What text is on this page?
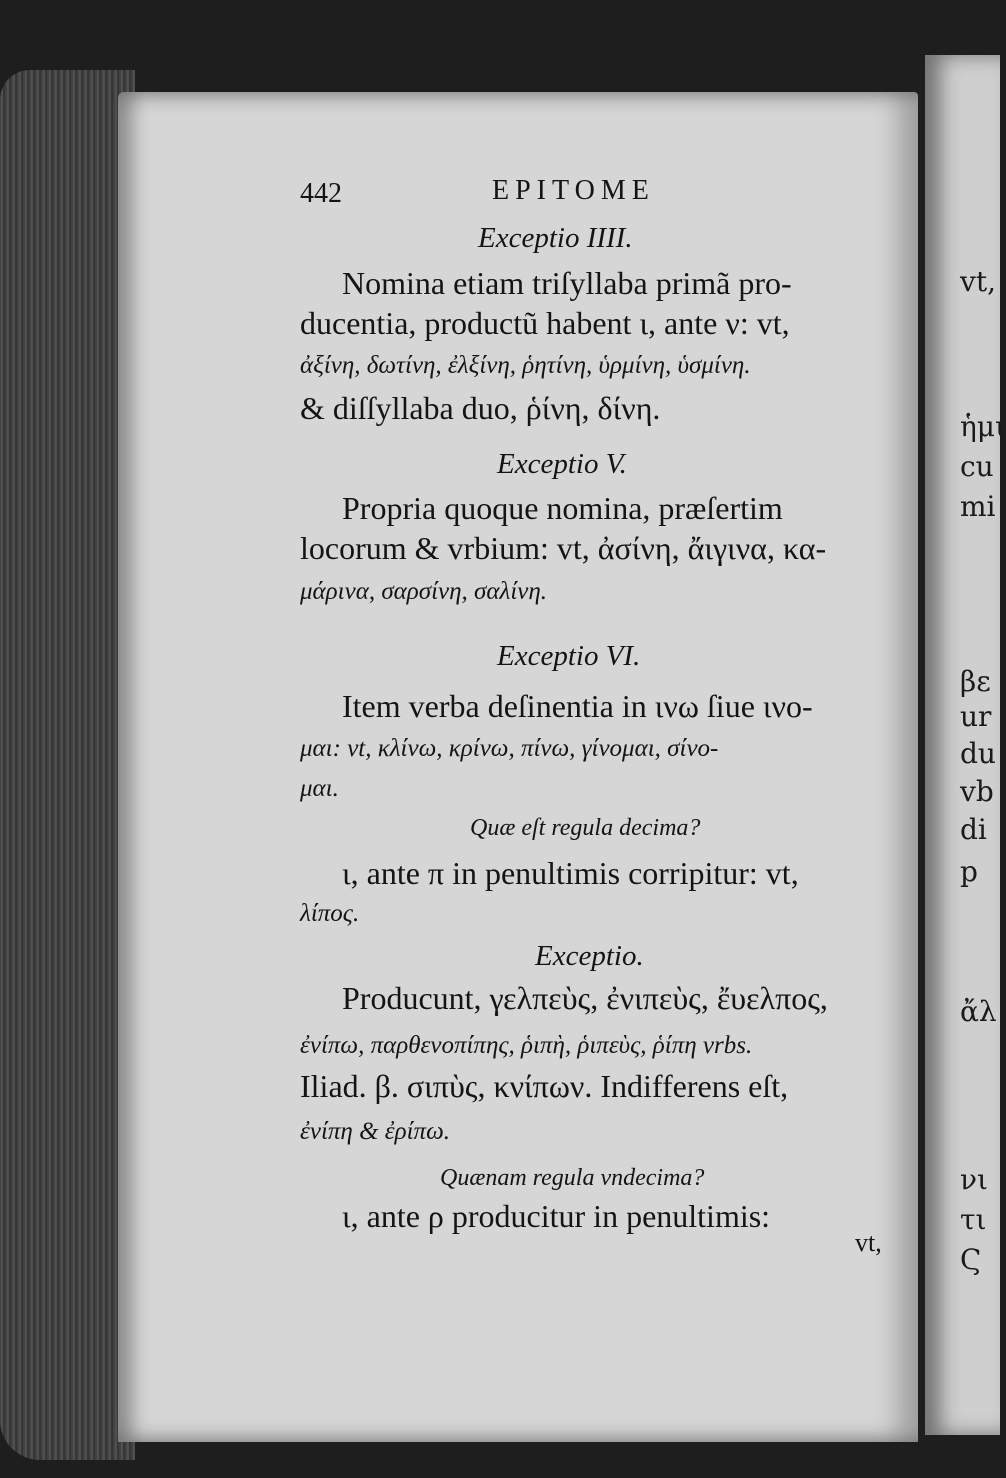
vt,
ἡμι
cu
mi
βε
ur
du
vb
di
p
ἄλ
νι
τι
Ϛ
442	EPITOME
Exceptio IIII.
Nomina etiam triſyllaba primã pro-
ducentia, productũ habent ι, ante ν: vt,
ἀξίνη, δωτίνη, ἐλξίνη, ῥητίνη, ὑρμίνη, ὑσμίνη.
& diſſyllaba duo, ῥίνη, δίνη.
Exceptio V.
Propria quoque nomina, præſertim
locorum & vrbium: vt, ἀσίνη, ἄιγινα, κα-
μάρινα, σαρσίνη, σαλίνη.
Exceptio VI.
Item verba deſinentia in ινω ſiue ινο-
μαι: vt, κλίνω, κρίνω, πίνω, γίνομαι, σίνο-
μαι.
Quæ eſt regula decima?
ι, ante π in penultimis corripitur: vt,
λίπος.
Exceptio.
Producunt, γελπεὺς, ἐνιπεὺς, ἔυελπος,
ἐνίπω, παρθενοπίπης, ῥιπὴ, ῥιπεὺς, ῥίπη vrbs.
Iliad. β. σιπὺς, κνίπων. Indifferens eſt,
ἐνίπη & ἐρίπω.
Quænam regula vndecima?
ι, ante ρ producitur in penultimis:
vt,
